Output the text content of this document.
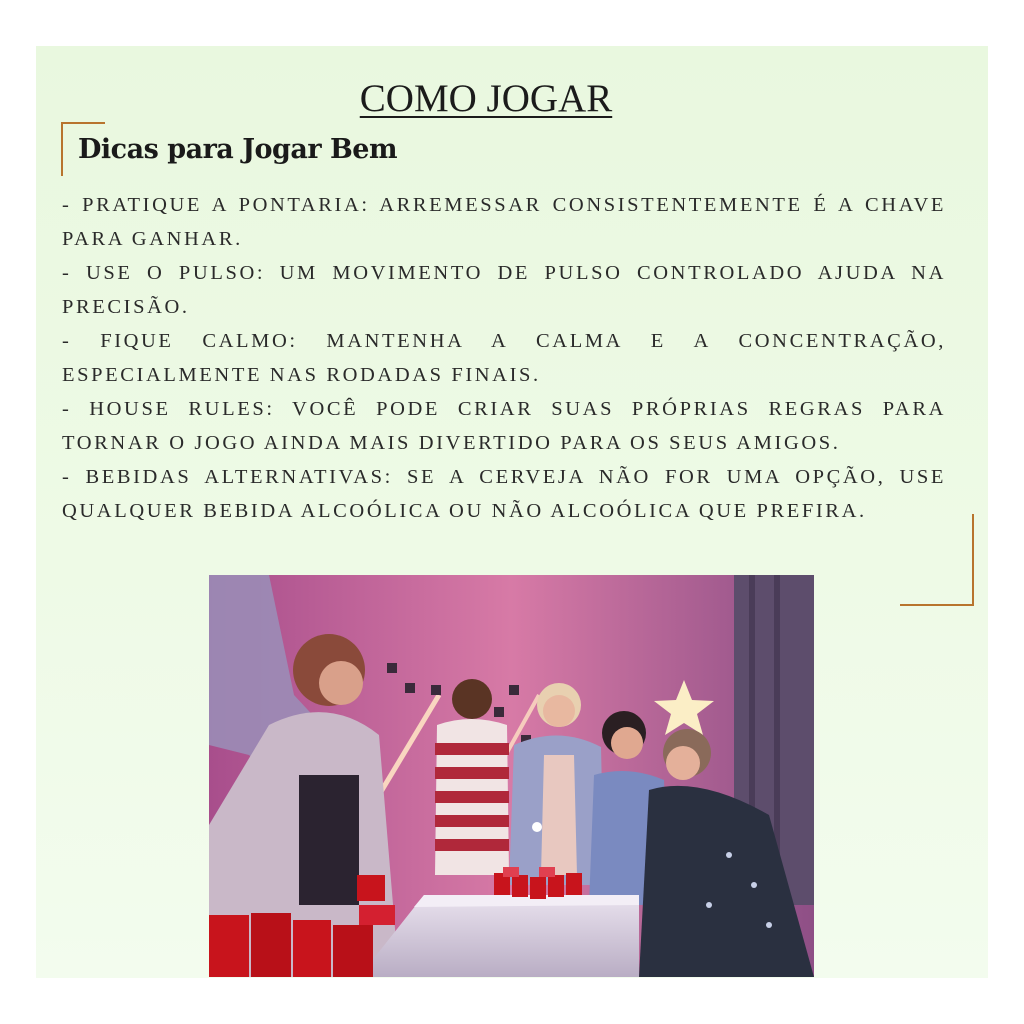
COMO JOGAR
Dicas para Jogar Bem

- PRATIQUE A PONTARIA: ARREMESSAR CONSISTENTEMENTE É A CHAVE PARA GANHAR.

- USE O PULSO: UM MOVIMENTO DE PULSO CONTROLADO AJUDA NA PRECISÃO.

- FIQUE CALMO: MANTENHA A CALMA E A CONCENTRAÇÃO, ESPECIALMENTE NAS RODADAS FINAIS.

- HOUSE RULES: VOCÊ PODE CRIAR SUAS PRÓPRIAS REGRAS PARA TORNAR O JOGO AINDA MAIS DIVERTIDO PARA OS SEUS AMIGOS.

- BEBIDAS ALTERNATIVAS: SE A CERVEJA NÃO FOR UMA OPÇÃO, USE QUALQUER BEBIDA ALCOÓLICA OU NÃO ALCOÓLICA QUE PREFIRA.
